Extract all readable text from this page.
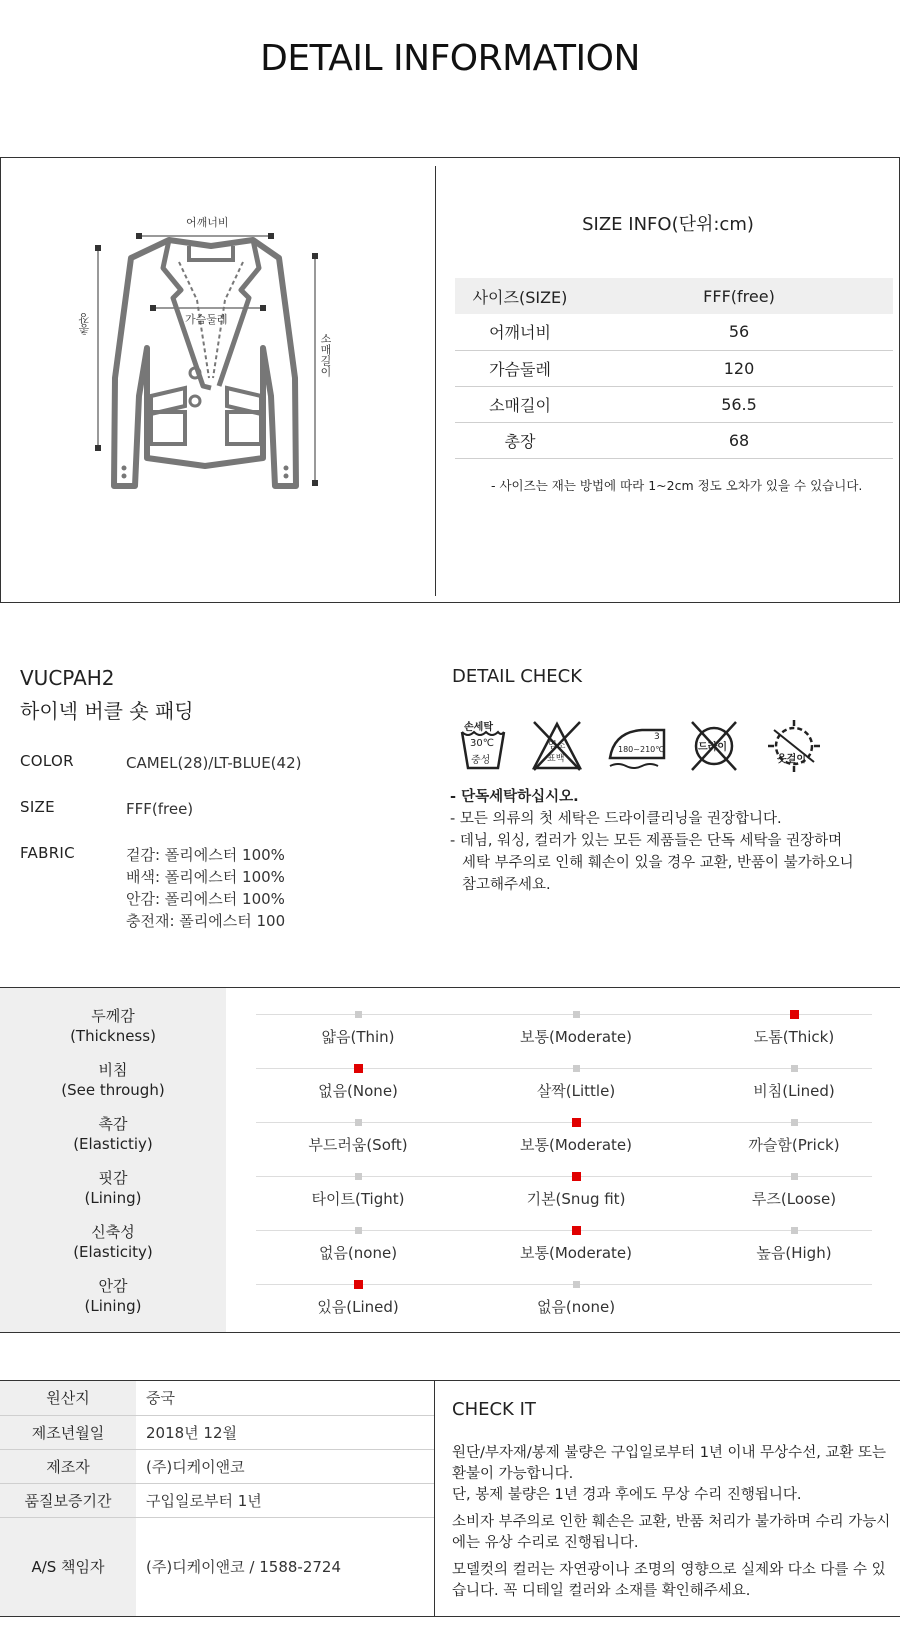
DETAIL INFORMATION
어깨너비
가슴둘레
총장
소매길이
SIZE INFO(단위:cm)
사이즈(SIZE)	FFF(free)
어깨너비	56
가슴둘레	120
소매길이	56.5
총장	68
- 사이즈는 재는 방법에 따라 1~2cm 정도 오차가 있을 수 있습니다.
VUCPAH2
하이넥 버클 숏 패딩
COLOR	CAMEL(28)/LT-BLUE(42)
SIZE	FFF(free)
FABRIC	겉감: 폴리에스터 100%
배색: 폴리에스터 100%
안감: 폴리에스터 100%
충전재: 폴리에스터 100
DETAIL CHECK
손세탁
30℃
중성
염소
표백
3
180~210℃	드라이
옷걸이
- 단독세탁하십시오.
- 모든 의류의 첫 세탁은 드라이클리닝을 권장합니다.
- 데님, 워싱, 컬러가 있는 모든 제품들은 단독 세탁을 권장하며
세탁 부주의로 인해 훼손이 있을 경우 교환, 반품이 불가하오니
참고해주세요.
두께감
(Thickness)	얇음(Thin)	보통(Moderate)	도톰(Thick)
비침
(See through)	없음(None)	살짝(Little)	비침(Lined)
촉감
(Elastictiy)	부드러움(Soft)	보통(Moderate)	까슬함(Prick)
핏감
(Lining)	타이트(Tight)	기본(Snug fit)	루즈(Loose)
신축성
(Elasticity)	없음(none)	보통(Moderate)	높음(High)
안감
(Lining)	있음(Lined)	없음(none)
원산지	중국
제조년월일	2018년 12월
제조자	(주)디케이앤코
품질보증기간	구입일로부터 1년
A/S 책임자	(주)디케이앤코 / 1588-2724
CHECK IT

원단/부자재/봉제 불량은 구입일로부터 1년 이내 무상수선, 교환 또는 환불이 가능합니다.
단, 봉제 불량은 1년 경과 후에도 무상 수리 진행됩니다.

소비자 부주의로 인한 훼손은 교환, 반품 처리가 불가하며 수리 가능시에는 유상 수리로 진행됩니다.

모델컷의 컬러는 자연광이나 조명의 영향으로 실제와 다소 다를 수 있습니다. 꼭 디테일 컬러와 소재를 확인해주세요.
